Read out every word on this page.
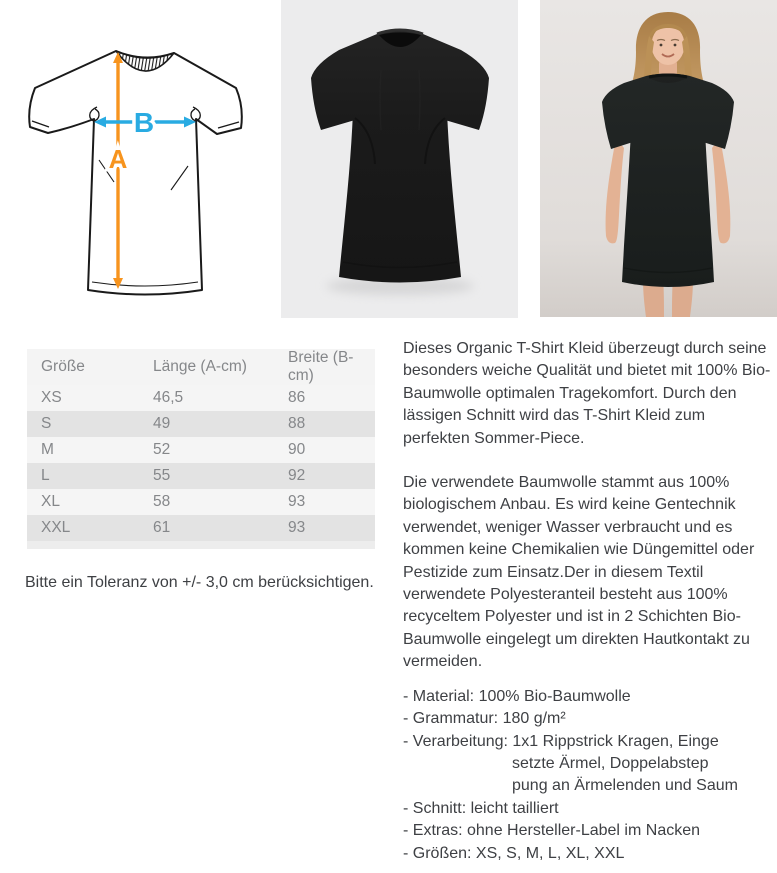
A
B
Größe	Länge (A-cm)	Breite (B-cm)
XS	46,5	86
S	49	88
M	52	90
L	55	92
XL	58	93
XXL	61	93
Bitte ein Toleranz von +/- 3,0 cm berücksichtigen.

Dieses Organic T-Shirt Kleid überzeugt durch seine besonders weiche Qualität und bietet mit 100% Bio-Baumwolle optimalen Tragekomfort. Durch den lässigen Schnitt wird das T-Shirt Kleid zum perfekten Sommer-Piece.

Die verwendete Baumwolle stammt aus 100% biologischem Anbau. Es wird keine Gentechnik verwendet, weniger Wasser verbraucht und es kommen keine Chemikalien wie Düngemittel oder Pestizide zum Einsatz.Der in diesem Textil verwendete Polyesteranteil besteht aus 100% recyceltem Polyester und ist in 2 Schichten Bio-Baumwolle eingelegt um direkten Hautkontakt zu vermeiden.

- Material: 100% Bio-Baumwolle
- Grammatur: 180 g/m²
- Verarbeitung: 1x1 Rippstrick Kragen, Einge
setzte Ärmel, Doppelabstep
pung an Ärmelenden und Saum
- Schnitt: leicht tailliert
- Extras: ohne Hersteller-Label im Nacken
- Größen: XS, S, M, L, XL, XXL
